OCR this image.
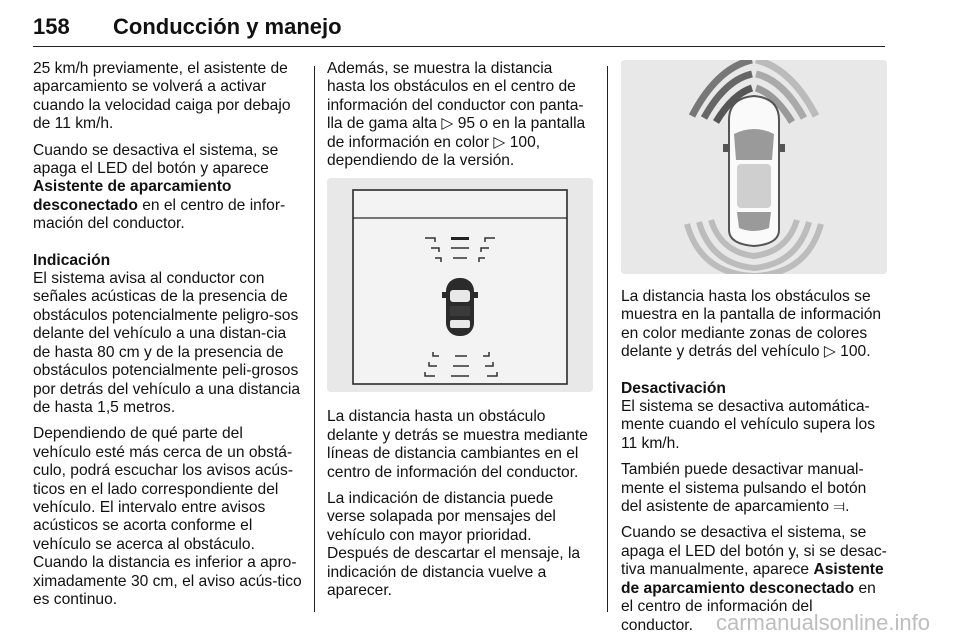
158 Conducción y manejo

25 km/h previamente, el asistente de aparcamiento se volverá a activar cuando la velocidad caiga por debajo de 11 km/h.

Cuando se desactiva el sistema, se apaga el LED del botón y aparece Asistente de aparcamiento desconectado en el centro de infor‐mación del conductor.

Indicación

El sistema avisa al conductor con señales acústicas de la presencia de obstáculos potencialmente peligro‐sos delante del vehículo a una distan‐cia de hasta 80 cm y de la presencia de obstáculos potencialmente peli‐grosos por detrás del vehículo a una distancia de hasta 1,5 metros.

Dependiendo de qué parte del vehículo esté más cerca de un obstá‐culo, podrá escuchar los avisos acús‐ticos en el lado correspondiente del vehículo. El intervalo entre avisos acústicos se acorta conforme el vehículo se acerca al obstáculo. Cuando la distancia es inferior a apro‐ximadamente 30 cm, el aviso acús‐tico es continuo.

Además, se muestra la distancia hasta los obstáculos en el centro de información del conductor con panta‐lla de gama alta ▷ 95 o en la pantalla de información en color ▷ 100, dependiendo de la versión.

La distancia hasta un obstáculo delante y detrás se muestra mediante líneas de distancia cambiantes en el centro de información del conductor.

La indicación de distancia puede verse solapada por mensajes del vehículo con mayor prioridad. Después de descartar el mensaje, la indicación de distancia vuelve a aparecer.

La distancia hasta los obstáculos se muestra en la pantalla de información en color mediante zonas de colores delante y detrás del vehículo ▷ 100.

Desactivación

El sistema se desactiva automática‐mente cuando el vehículo supera los 11 km/h.

También puede desactivar manual‐mente el sistema pulsando el botón del asistente de aparcamiento ⫤.

Cuando se desactiva el sistema, se apaga el LED del botón y, si se desac‐tiva manualmente, aparece Asistente de aparcamiento desconectado en el centro de información del conductor.	carmanualsonline.info
